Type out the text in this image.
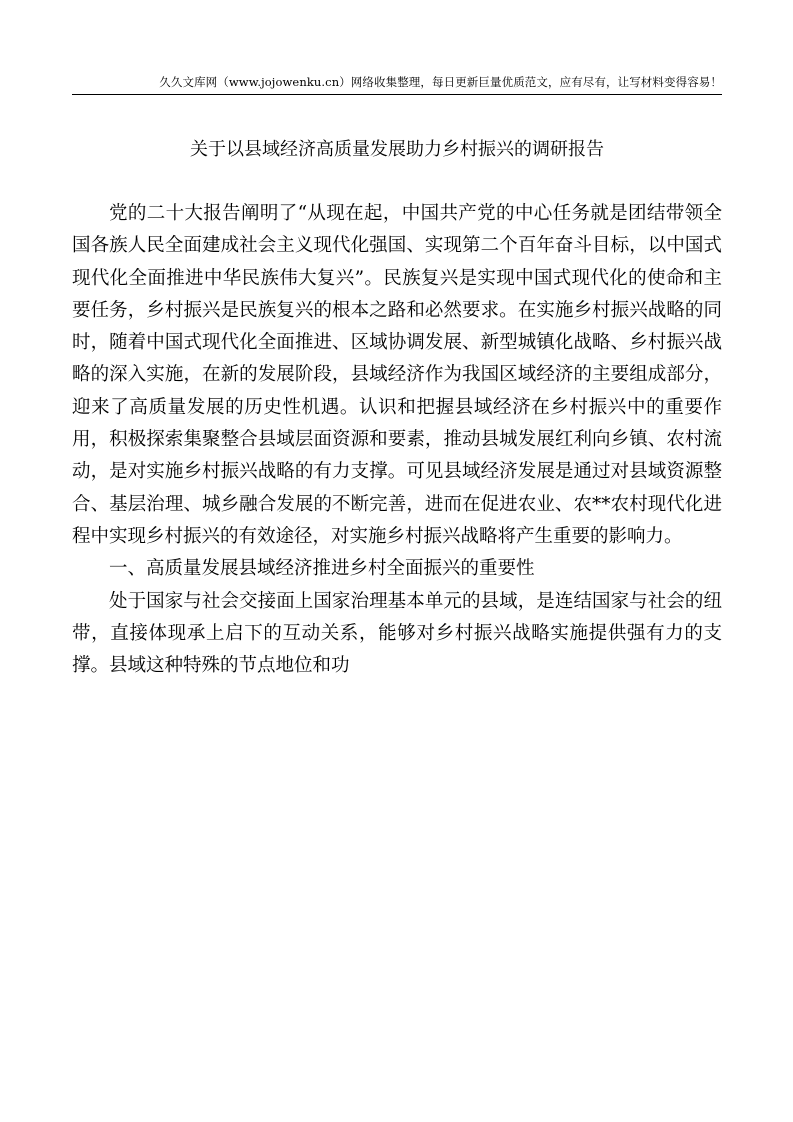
久久文库网（www.jojowenku.cn）网络收集整理，每日更新巨量优质范文，应有尽有，让写材料变得容易！
关于以县域经济高质量发展助力乡村振兴的调研报告

党的二十大报告阐明了“从现在起，中国共产党的中心任务就是团结带领全国各族人民全面建成社会主义现代化强国、实现第二个百年奋斗目标，以中国式现代化全面推进中华民族伟大复兴”。民族复兴是实现中国式现代化的使命和主要任务，乡村振兴是民族复兴的根本之路和必然要求。在实施乡村振兴战略的同时，随着中国式现代化全面推进、区域协调发展、新型城镇化战略、乡村振兴战略的深入实施，在新的发展阶段，县域经济作为我国区域经济的主要组成部分，迎来了高质量发展的历史性机遇。认识和把握县域经济在乡村振兴中的重要作用，积极探索集聚整合县域层面资源和要素，推动县城发展红利向乡镇、农村流动，是对实施乡村振兴战略的有力支撑。可见县域经济发展是通过对县域资源整合、基层治理、城乡融合发展的不断完善，进而在促进农业、农**农村现代化进程中实现乡村振兴的有效途径，对实施乡村振兴战略将产生重要的影响力。

一、高质量发展县域经济推进乡村全面振兴的重要性

处于国家与社会交接面上国家治理基本单元的县域，是连结国家与社会的纽带，直接体现承上启下的互动关系，能够对乡村振兴战略实施提供强有力的支撑。县域这种特殊的节点地位和功
